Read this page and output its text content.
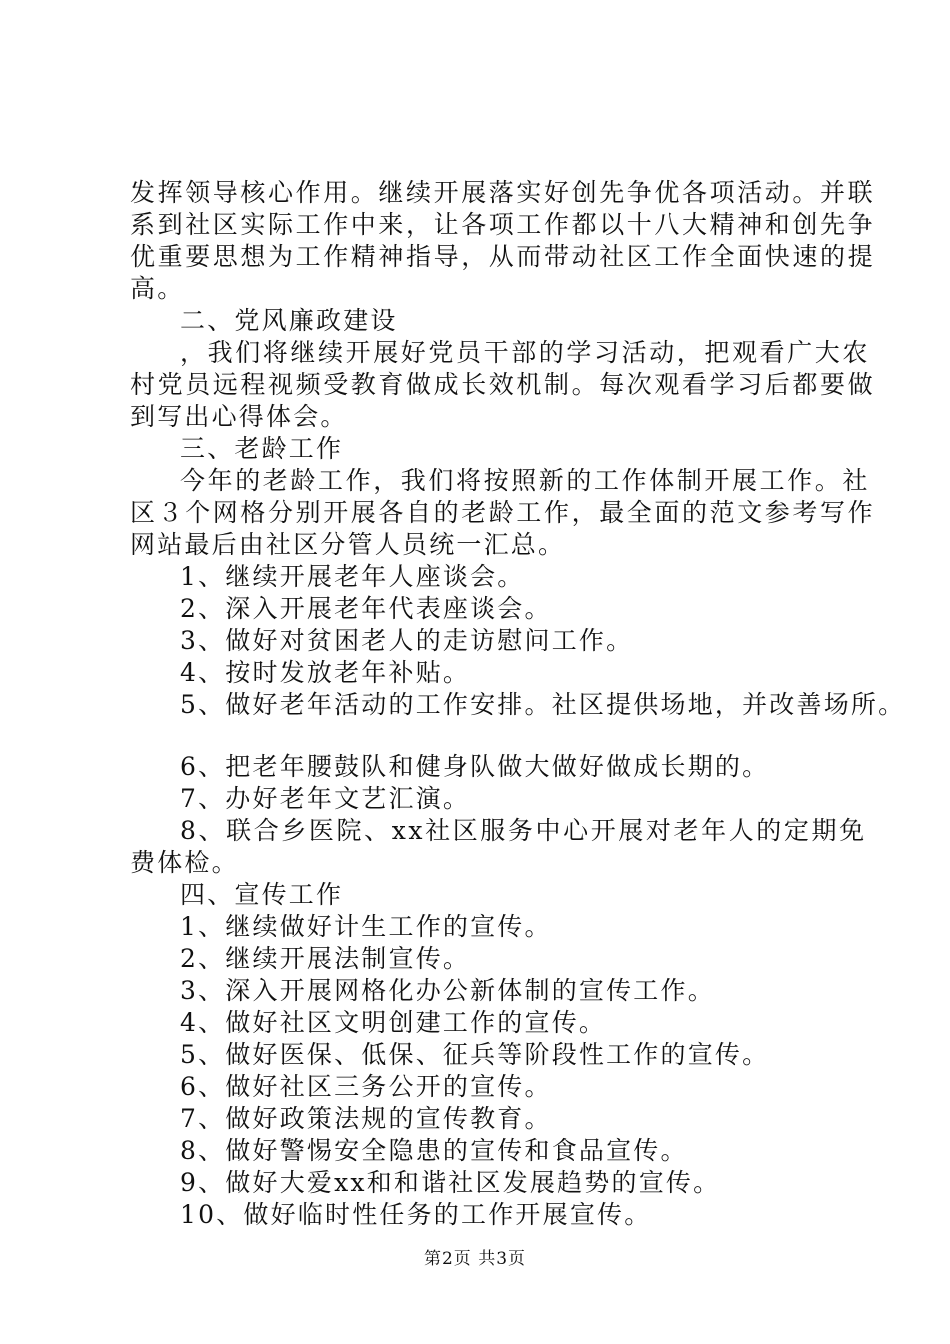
发挥领导核心作用。继续开展落实好创先争优各项活动。并联
系到社区实际工作中来，让各项工作都以十八大精神和创先争
优重要思想为工作精神指导，从而带动社区工作全面快速的提
高。
二、党风廉政建设
，我们将继续开展好党员干部的学习活动，把观看广大农
村党员远程视频受教育做成长效机制。每次观看学习后都要做
到写出心得体会。
三、老龄工作
今年的老龄工作，我们将按照新的工作体制开展工作。社
区３个网格分别开展各自的老龄工作，最全面的范文参考写作
网站最后由社区分管人员统一汇总。
1、继续开展老年人座谈会。
2、深入开展老年代表座谈会。
3、做好对贫困老人的走访慰问工作。
4、按时发放老年补贴。
5、做好老年活动的工作安排。社区提供场地，并改善场所。
6、把老年腰鼓队和健身队做大做好做成长期的。
7、办好老年文艺汇演。
8、联合乡医院、xx社区服务中心开展对老年人的定期免
费体检。
四、宣传工作
1、继续做好计生工作的宣传。
2、继续开展法制宣传。
3、深入开展网格化办公新体制的宣传工作。
4、做好社区文明创建工作的宣传。
5、做好医保、低保、征兵等阶段性工作的宣传。
6、做好社区三务公开的宣传。
7、做好政策法规的宣传教育。
8、做好警惕安全隐患的宣传和食品宣传。
9、做好大爱xx和和谐社区发展趋势的宣传。
10、做好临时性任务的工作开展宣传。
第2页 共3页
